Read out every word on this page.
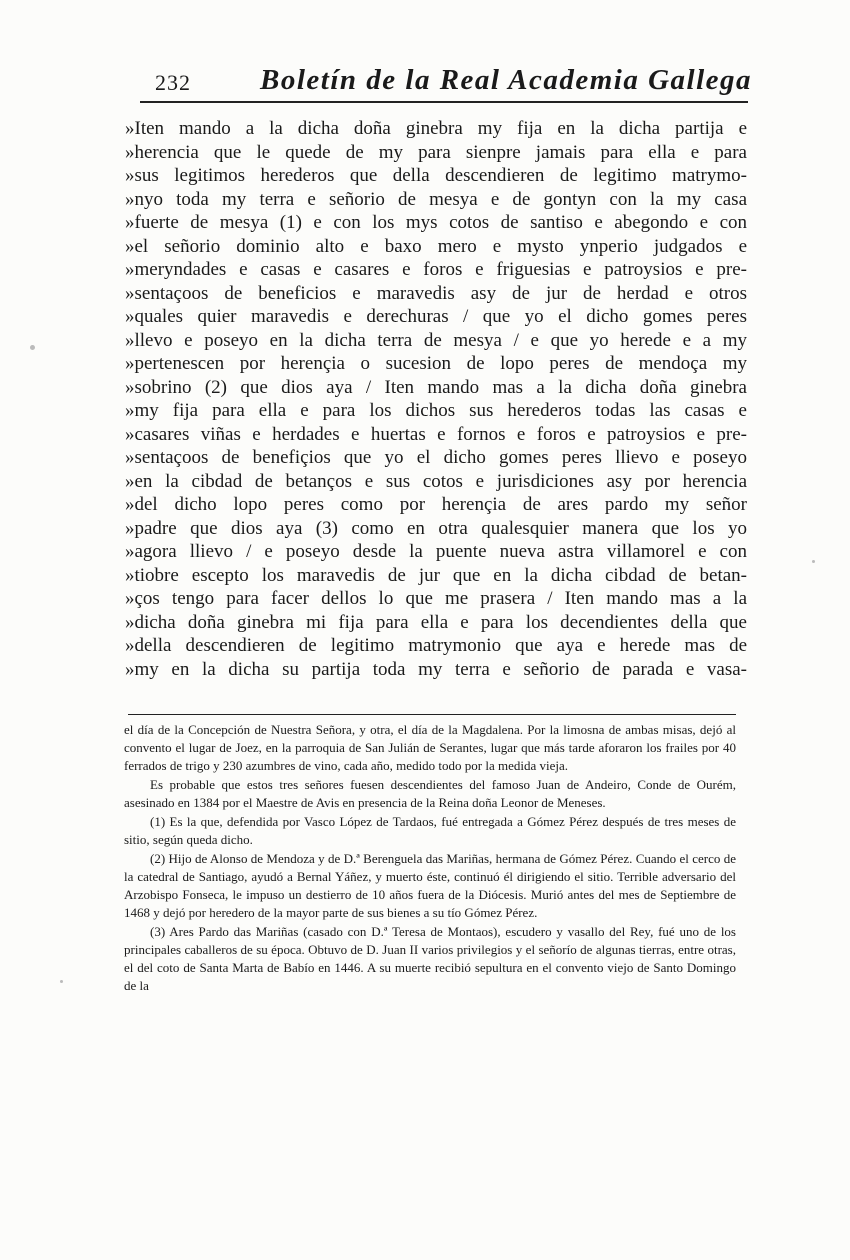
232 Boletín de la Real Academia Gallega
»Iten mando a la dicha doña ginebra my fija en la dicha partija e
»herencia que le quede de my para sienpre jamais para ella e para
»sus legitimos herederos que della descendieren de legitimo matrymo-
»nyo toda my terra e señorio de mesya e de gontyn con la my casa
»fuerte de mesya (1) e con los mys cotos de santiso e abegondo e con
»el señorio dominio alto e baxo mero e mysto ynperio judgados e
»meryndades e casas e casares e foros e friguesias e patroysios e pre-
»sentaçoos de beneficios e maravedis asy de jur de herdad e otros
»quales quier maravedis e derechuras / que yo el dicho gomes peres
»llevo e poseyo en la dicha terra de mesya / e que yo herede e a my
»pertenescen por herençia o sucesion de lopo peres de mendoça my
»sobrino (2) que dios aya / Iten mando mas a la dicha doña ginebra
»my fija para ella e para los dichos sus herederos todas las casas e
»casares viñas e herdades e huertas e fornos e foros e patroysios e pre-
»sentaçoos de benefiçios que yo el dicho gomes peres llievo e poseyo
»en la cibdad de betanços e sus cotos e jurisdiciones asy por herencia
»del dicho lopo peres como por herençia de ares pardo my señor
»padre que dios aya (3) como en otra qualesquier manera que los yo
»agora llievo / e poseyo desde la puente nueva astra villamorel e con
»tiobre escepto los maravedis de jur que en la dicha cibdad de betan-
»ços tengo para facer dellos lo que me prasera / Iten mando mas a la
»dicha doña ginebra mi fija para ella e para los decendientes della que
»della descendieren de legitimo matrymonio que aya e herede mas de
»my en la dicha su partija toda my terra e señorio de parada e vasa-

el día de la Concepción de Nuestra Señora, y otra, el día de la Magdalena. Por la limosna de ambas misas, dejó al convento el lugar de Joez, en la parroquia de San Julián de Serantes, lugar que más tarde aforaron los frailes por 40 ferrados de trigo y 230 azumbres de vino, cada año, medido todo por la medida vieja.

Es probable que estos tres señores fuesen descendientes del famoso Juan de Andeiro, Conde de Ourém, asesinado en 1384 por el Maestre de Avis en presencia de la Reina doña Leonor de Meneses.

(1) Es la que, defendida por Vasco López de Tardaos, fué entregada a Gómez Pérez después de tres meses de sitio, según queda dicho.

(2) Hijo de Alonso de Mendoza y de D.ª Berenguela das Mariñas, hermana de Gómez Pérez. Cuando el cerco de la catedral de Santiago, ayudó a Bernal Yáñez, y muerto éste, continuó él dirigiendo el sitio. Terrible adversario del Arzobispo Fonseca, le impuso un destierro de 10 años fuera de la Diócesis. Murió antes del mes de Septiembre de 1468 y dejó por heredero de la mayor parte de sus bienes a su tío Gómez Pérez.

(3) Ares Pardo das Mariñas (casado con D.ª Teresa de Montaos), escudero y vasallo del Rey, fué uno de los principales caballeros de su época. Obtuvo de D. Juan II varios privilegios y el señorío de algunas tierras, entre otras, el del coto de Santa Marta de Babío en 1446. A su muerte recibió sepultura en el convento viejo de Santo Domingo de la
